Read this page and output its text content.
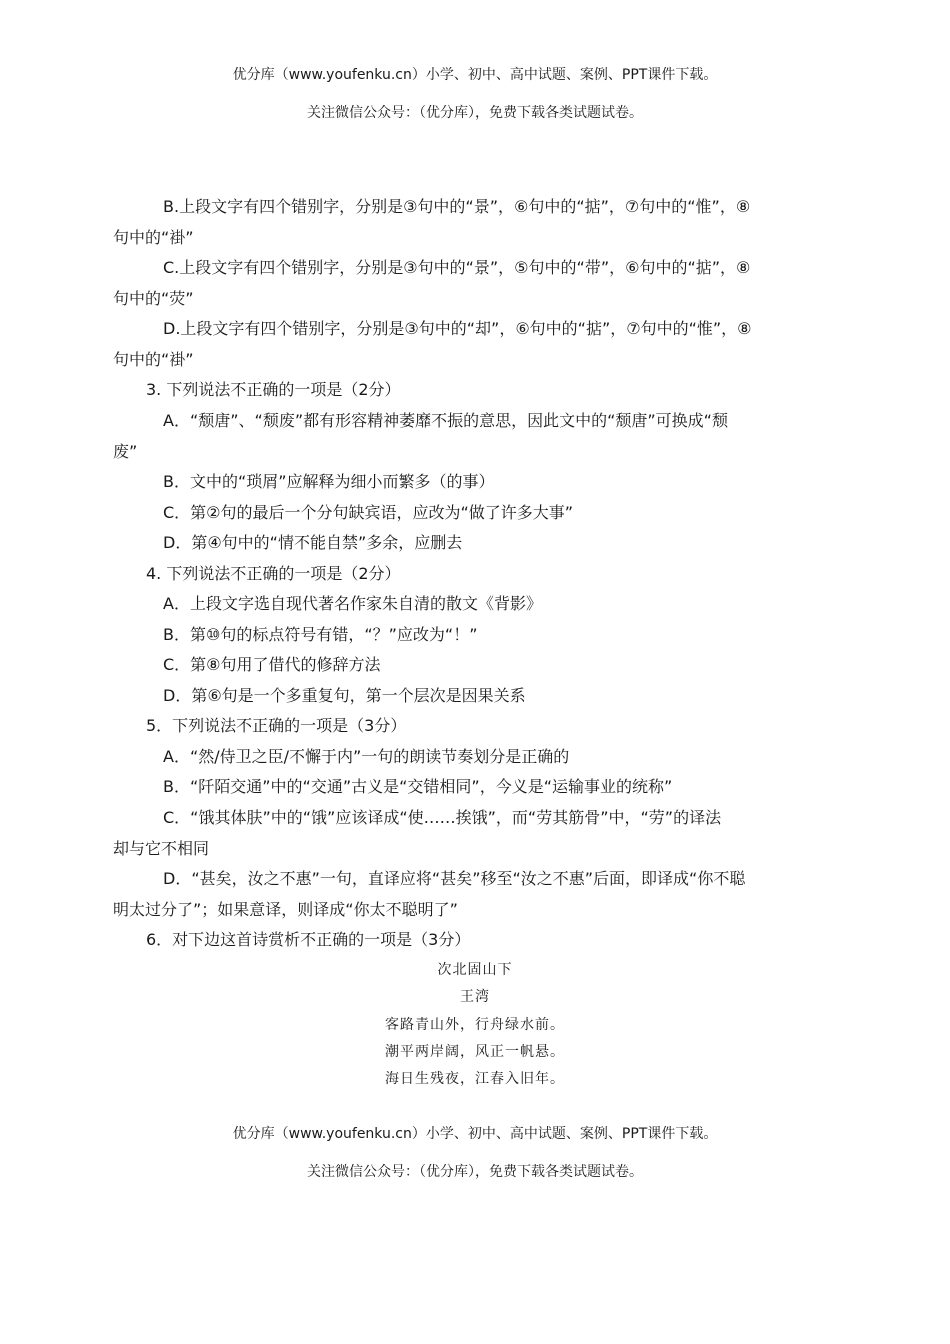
优分库（www.youfenku.cn）小学、初中、高中试题、案例、PPT课件下载。
关注微信公众号：（优分库），免费下载各类试题试卷。
B.上段文字有四个错别字，分别是③句中的“景”，⑥句中的“掂”，⑦句中的“惟”，⑧
句中的“褂”
C.上段文字有四个错别字，分别是③句中的“景”，⑤句中的“带”，⑥句中的“掂”，⑧
句中的“荧”
D.上段文字有四个错别字，分别是③句中的“却”，⑥句中的“掂”，⑦句中的“惟”，⑧
句中的“褂”
3. 下列说法不正确的一项是（2分）
A．“颓唐”、“颓废”都有形容精神萎靡不振的意思，因此文中的“颓唐”可换成“颓
废”
B．文中的“琐屑”应解释为细小而繁多（的事）
C．第②句的最后一个分句缺宾语，应改为“做了许多大事”
D．第④句中的“情不能自禁”多余，应删去
4. 下列说法不正确的一项是（2分）
A．上段文字选自现代著名作家朱自清的散文《背影》
B．第⑩句的标点符号有错，“？”应改为“！”
C．第⑧句用了借代的修辞方法
D．第⑥句是一个多重复句，第一个层次是因果关系
5．下列说法不正确的一项是（3分）
A．“然/侍卫之臣/不懈于内”一句的朗读节奏划分是正确的
B．“阡陌交通”中的“交通”古义是“交错相同”，今义是“运输事业的统称”
C．“饿其体肤”中的“饿”应该译成“使……挨饿”，而“劳其筋骨”中，“劳”的译法
却与它不相同
D．“甚矣，汝之不惠”一句，直译应将“甚矣”移至“汝之不惠”后面，即译成“你不聪
明太过分了”；如果意译，则译成“你太不聪明了”
6．对下边这首诗赏析不正确的一项是（3分）
次北固山下
王湾
客路青山外，行舟绿水前。
潮平两岸阔，风正一帆悬。
海日生残夜，江春入旧年。
优分库（www.youfenku.cn）小学、初中、高中试题、案例、PPT课件下载。
关注微信公众号：（优分库），免费下载各类试题试卷。
